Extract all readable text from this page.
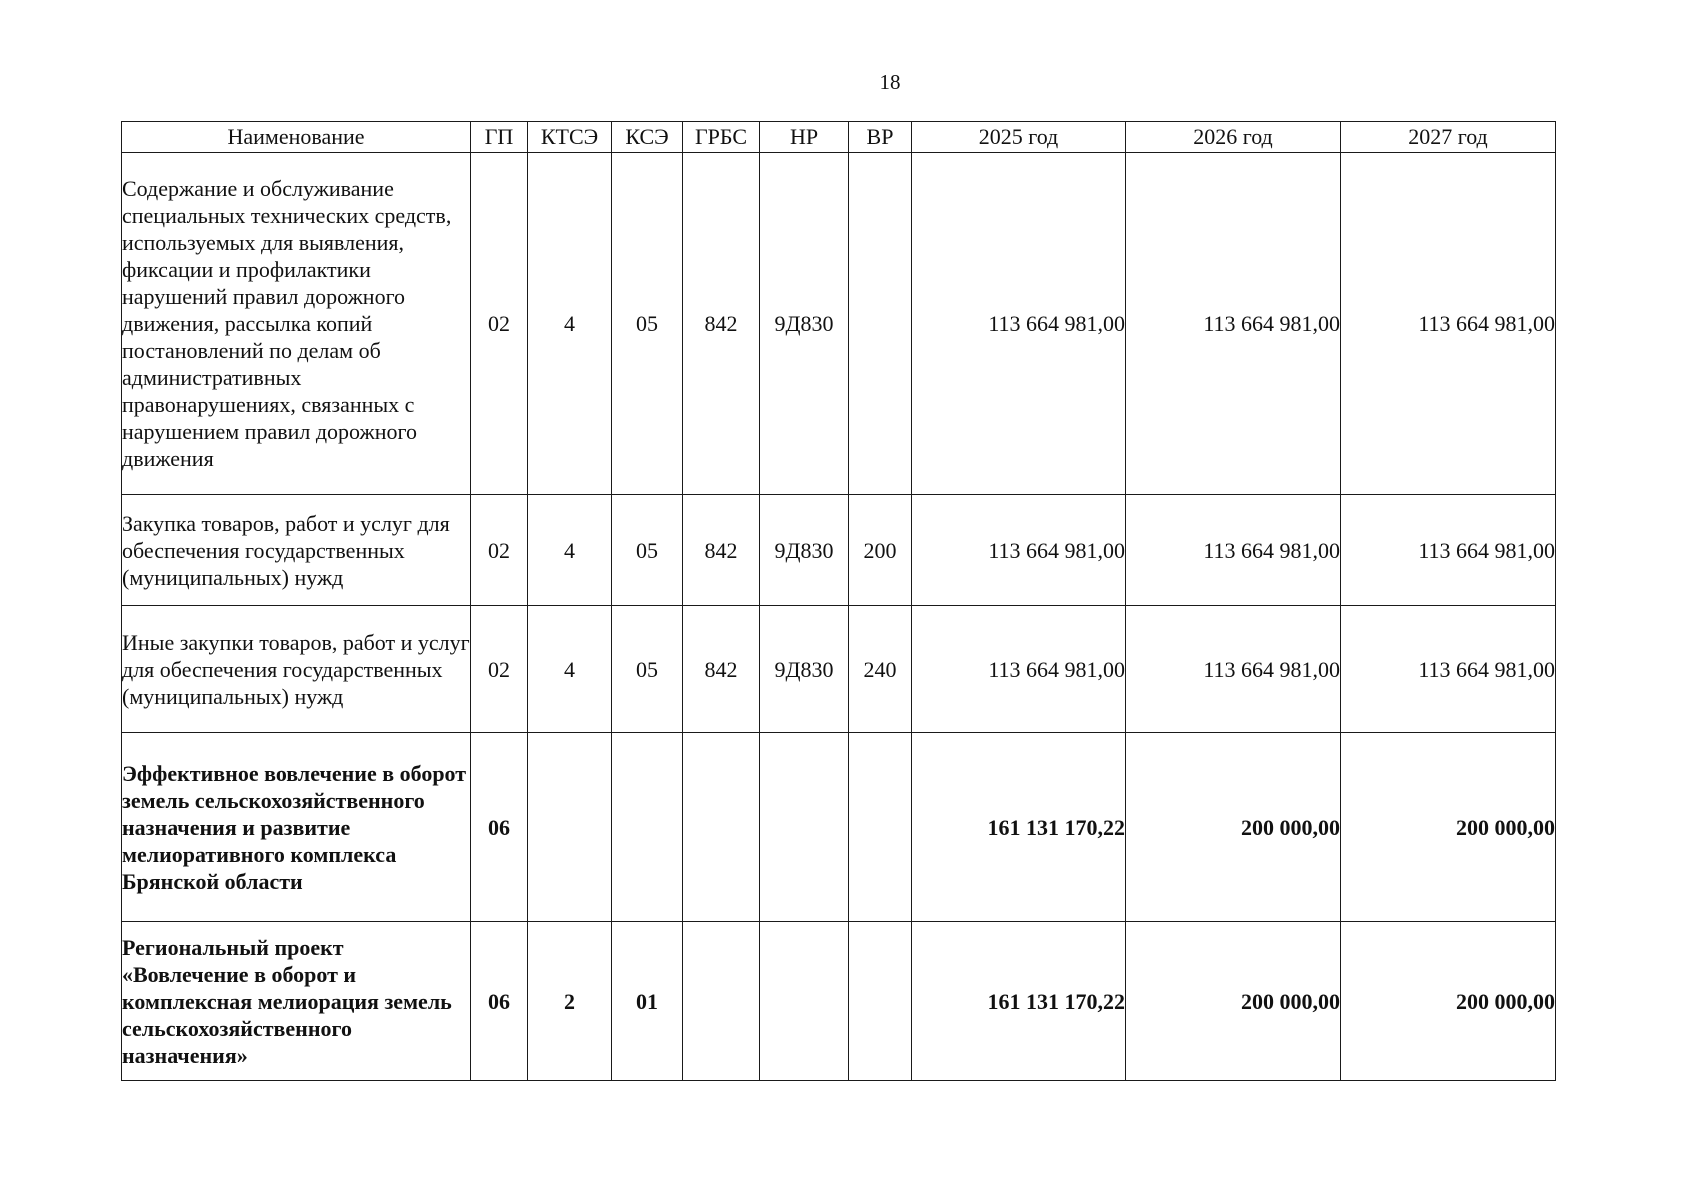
18
Наименование	ГП	КТСЭ	КСЭ	ГРБС	НР	ВР	2025 год	2026 год	2027 год
Содержание и обслуживание специальных технических средств, используемых для выявления, фиксации и профилактики нарушений правил дорожного движения, рассылка копий постановлений по делам об административных правонарушениях, связанных с нарушением правил дорожного движения	02	4	05	842	9Д830		113 664 981,00	113 664 981,00	113 664 981,00
Закупка товаров, работ и услуг для обеспечения государственных (муниципальных) нужд	02	4	05	842	9Д830	200	113 664 981,00	113 664 981,00	113 664 981,00
Иные закупки товаров, работ и услуг для обеспечения государственных (муниципальных) нужд	02	4	05	842	9Д830	240	113 664 981,00	113 664 981,00	113 664 981,00
Эффективное вовлечение в оборот земель сельскохозяйственного назначения и развитие мелиоративного комплекса Брянской области	06						161 131 170,22	200 000,00	200 000,00
Региональный проект «Вовлечение в оборот и комплексная мелиорация земель сельскохозяйственного назначения»	06	2	01				161 131 170,22	200 000,00	200 000,00
